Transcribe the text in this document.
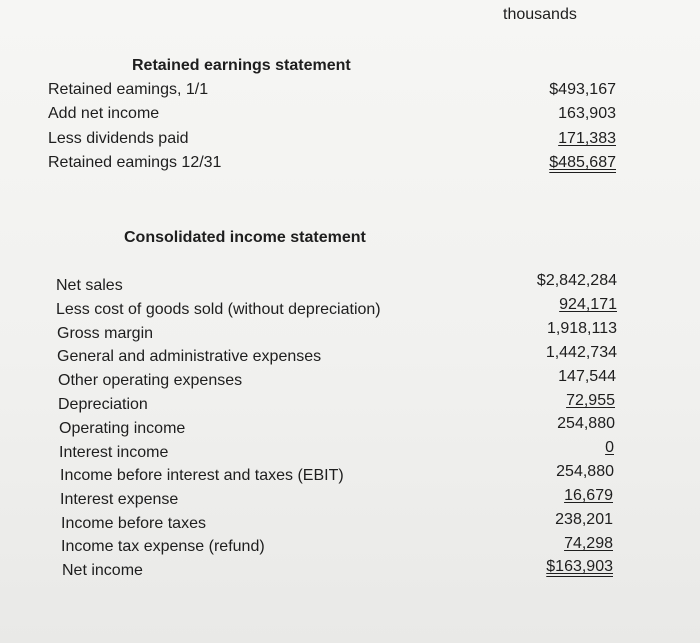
thousands
Retained earnings statement
Retained eamings, 1/1	$493,167
Add net income	163,903
Less dividends paid	171,383
Retained eamings 12/31	$485,687
Consolidated income statement
Net sales	$2,842,284
Less cost of goods sold (without depreciation)	924,171
Gross margin	1,918,113
General and administrative expenses	1,442,734
Other operating expenses	147,544
Depreciation	72,955
Operating income	254,880
Interest income	0
Income before interest and taxes (EBIT)	254,880
Interest expense	16,679
Income before taxes	238,201
Income tax expense (refund)	74,298
Net income	$163,903
